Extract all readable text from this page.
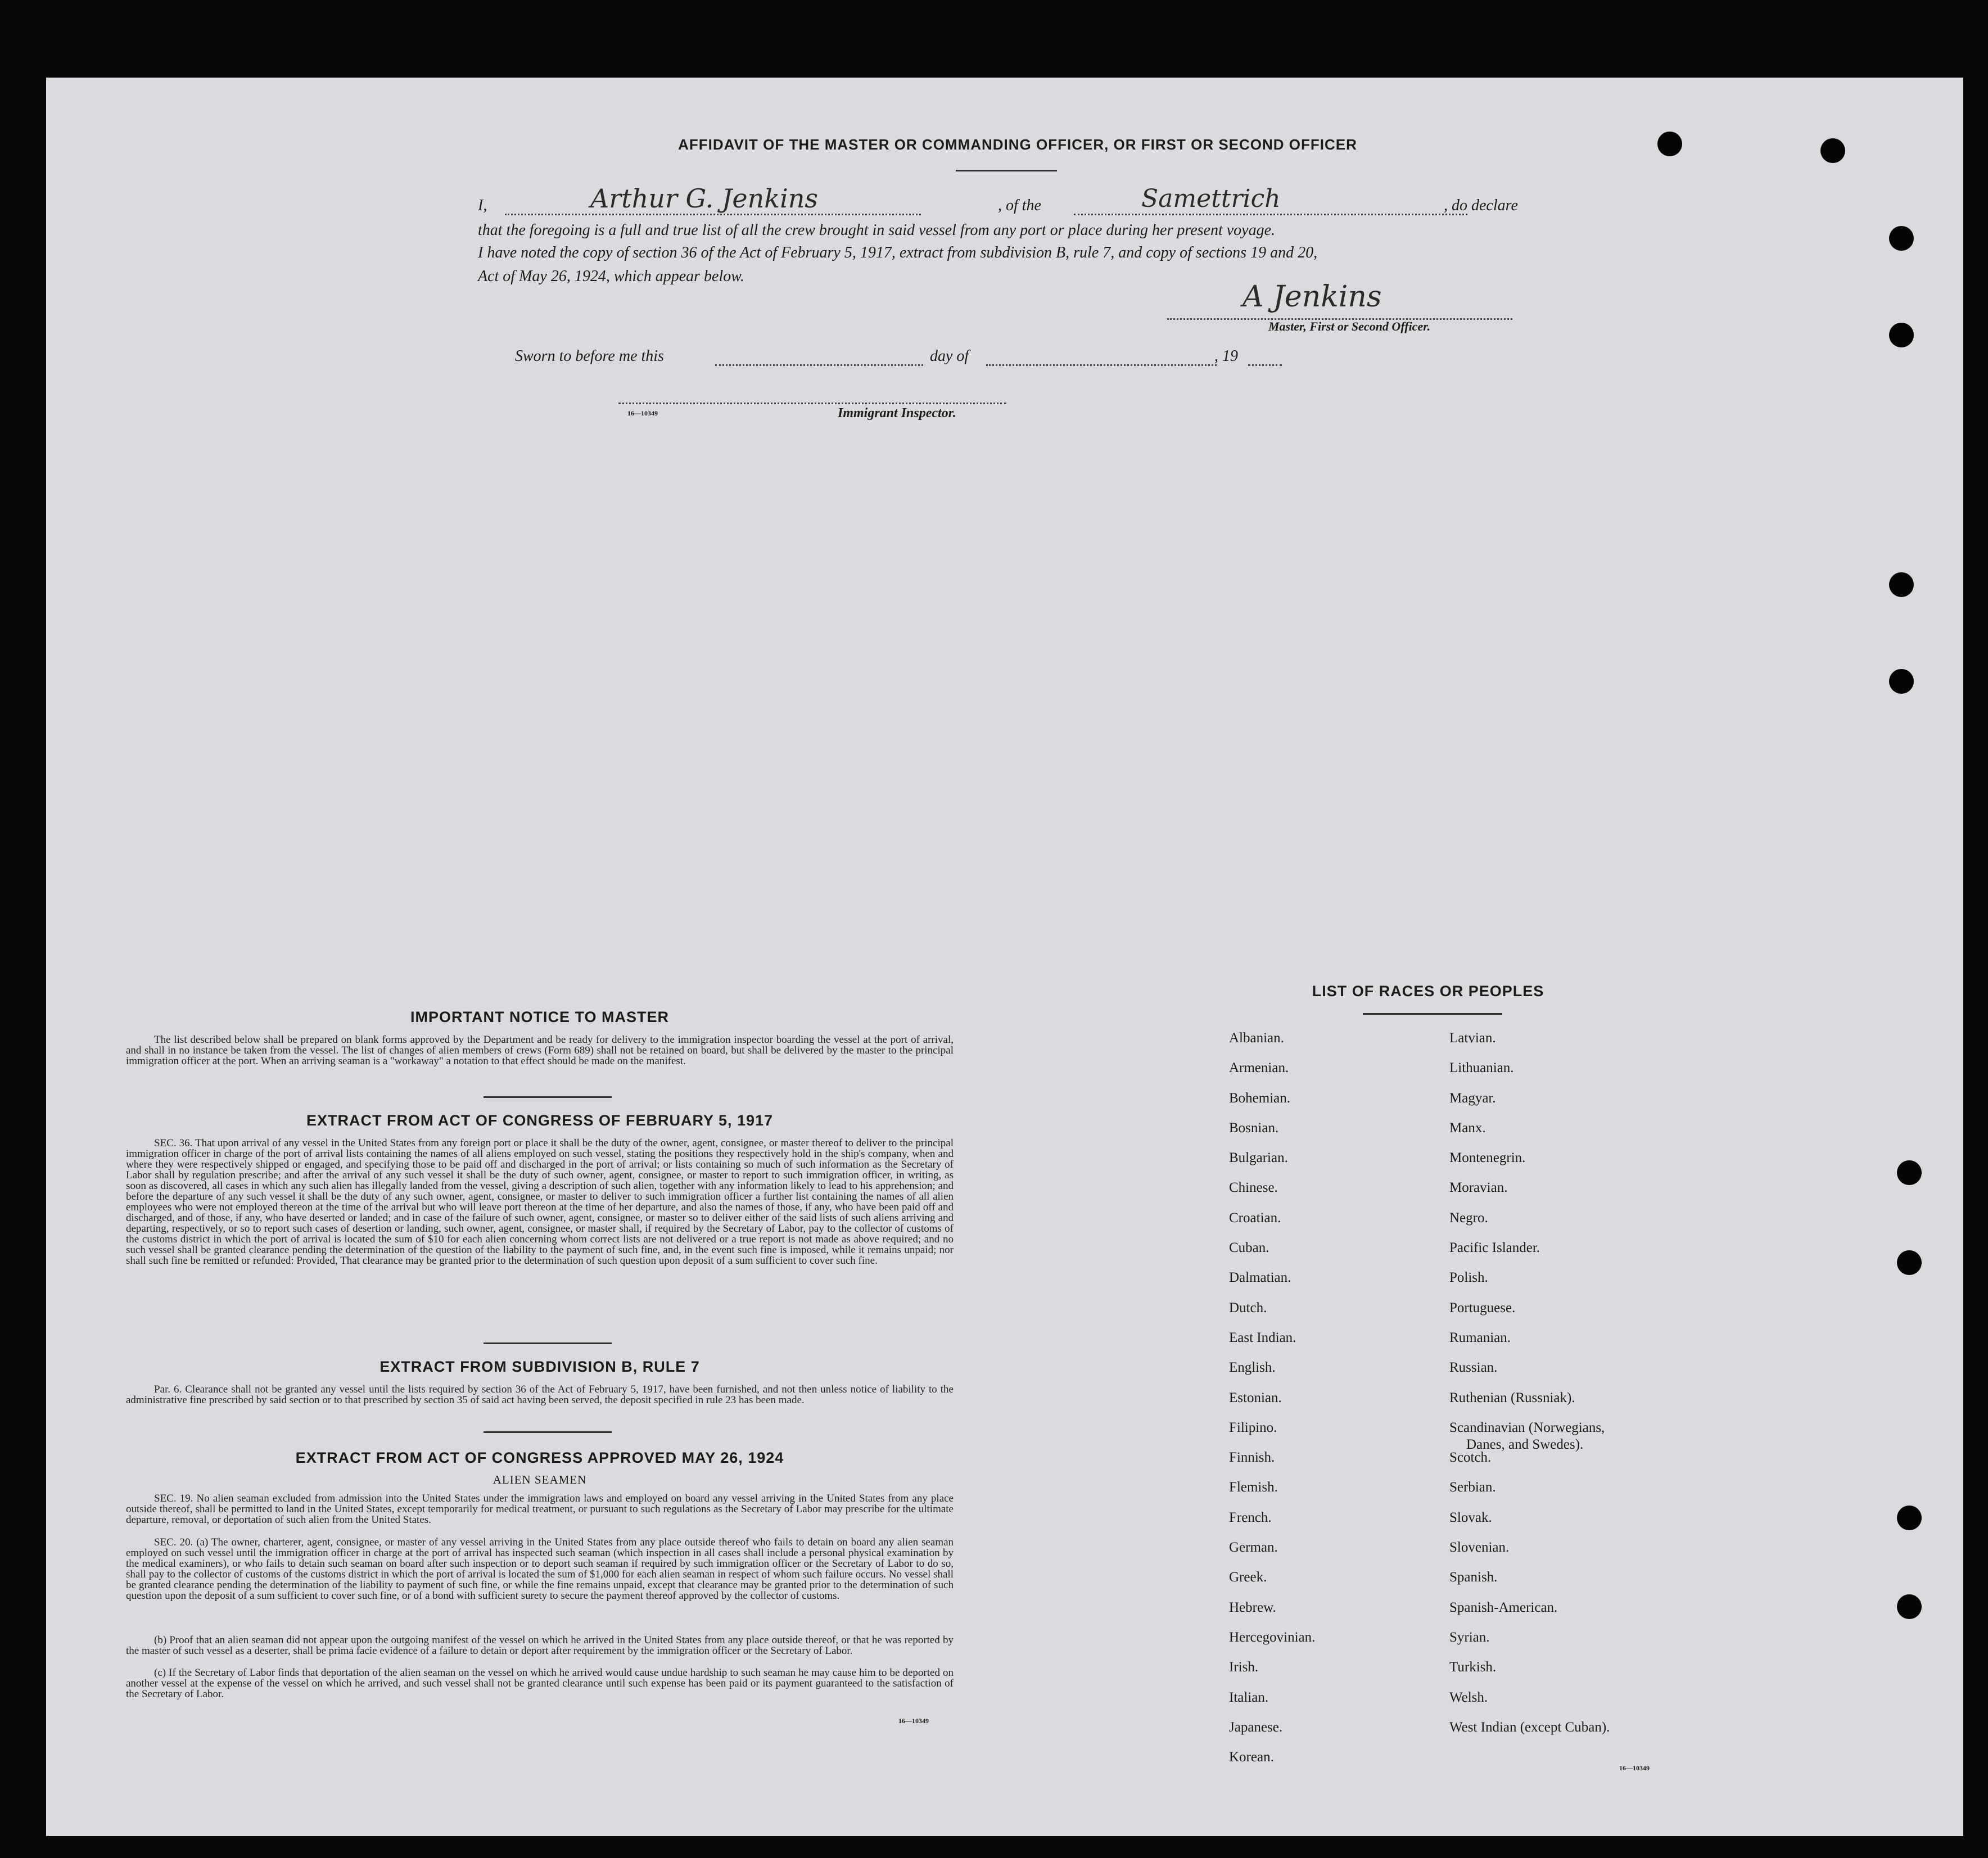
AFFIDAVIT OF THE MASTER OR COMMANDING OFFICER, OR FIRST OR SECOND OFFICER
I,	Arthur G. Jenkins	, of the	Samettrich	, do declare
that the foregoing is a full and true list of all the crew brought in said vessel from any port or place during her present voyage.
I have noted the copy of section 36 of the Act of February 5, 1917, extract from subdivision B, rule 7, and copy of sections 19 and 20,
Act of May 26, 1924, which appear below.
A Jenkins
Master, First or Second Officer.
Sworn to before me this	day of	, 19
16—10349	Immigrant Inspector.
IMPORTANT NOTICE TO MASTER
The list described below shall be prepared on blank forms approved by the Department and be ready for delivery to the immigration inspector boarding the vessel at the port of arrival, and shall in no instance be taken from the vessel. The list of changes of alien members of crews (Form 689) shall not be retained on board, but shall be delivered by the master to the principal immigration officer at the port. When an arriving seaman is a "workaway" a notation to that effect should be made on the manifest.
EXTRACT FROM ACT OF CONGRESS OF FEBRUARY 5, 1917
SEC. 36. That upon arrival of any vessel in the United States from any foreign port or place it shall be the duty of the owner, agent, consignee, or master thereof to deliver to the principal immigration officer in charge of the port of arrival lists containing the names of all aliens employed on such vessel, stating the positions they respectively hold in the ship's company, when and where they were respectively shipped or engaged, and specifying those to be paid off and discharged in the port of arrival; or lists containing so much of such information as the Secretary of Labor shall by regulation prescribe; and after the arrival of any such vessel it shall be the duty of such owner, agent, consignee, or master to report to such immigration officer, in writing, as soon as discovered, all cases in which any such alien has illegally landed from the vessel, giving a description of such alien, together with any information likely to lead to his apprehension; and before the departure of any such vessel it shall be the duty of any such owner, agent, consignee, or master to deliver to such immigration officer a further list containing the names of all alien employees who were not employed thereon at the time of the arrival but who will leave port thereon at the time of her departure, and also the names of those, if any, who have been paid off and discharged, and of those, if any, who have deserted or landed; and in case of the failure of such owner, agent, consignee, or master so to deliver either of the said lists of such aliens arriving and departing, respectively, or so to report such cases of desertion or landing, such owner, agent, consignee, or master shall, if required by the Secretary of Labor, pay to the collector of customs of the customs district in which the port of arrival is located the sum of $10 for each alien concerning whom correct lists are not delivered or a true report is not made as above required; and no such vessel shall be granted clearance pending the determination of the question of the liability to the payment of such fine, and, in the event such fine is imposed, while it remains unpaid; nor shall such fine be remitted or refunded: Provided, That clearance may be granted prior to the determination of such question upon deposit of a sum sufficient to cover such fine.
EXTRACT FROM SUBDIVISION B, RULE 7
Par. 6. Clearance shall not be granted any vessel until the lists required by section 36 of the Act of February 5, 1917, have been furnished, and not then unless notice of liability to the administrative fine prescribed by said section or to that prescribed by section 35 of said act having been served, the deposit specified in rule 23 has been made.
EXTRACT FROM ACT OF CONGRESS APPROVED MAY 26, 1924
ALIEN SEAMEN
SEC. 19. No alien seaman excluded from admission into the United States under the immigration laws and employed on board any vessel arriving in the United States from any place outside thereof, shall be permitted to land in the United States, except temporarily for medical treatment, or pursuant to such regulations as the Secretary of Labor may prescribe for the ultimate departure, removal, or deportation of such alien from the United States.
SEC. 20. (a) The owner, charterer, agent, consignee, or master of any vessel arriving in the United States from any place outside thereof who fails to detain on board any alien seaman employed on such vessel until the immigration officer in charge at the port of arrival has inspected such seaman (which inspection in all cases shall include a personal physical examination by the medical examiners), or who fails to detain such seaman on board after such inspection or to deport such seaman if required by such immigration officer or the Secretary of Labor to do so, shall pay to the collector of customs of the customs district in which the port of arrival is located the sum of $1,000 for each alien seaman in respect of whom such failure occurs. No vessel shall be granted clearance pending the determination of the liability to payment of such fine, or while the fine remains unpaid, except that clearance may be granted prior to the determination of such question upon the deposit of a sum sufficient to cover such fine, or of a bond with sufficient surety to secure the payment thereof approved by the collector of customs.
(b) Proof that an alien seaman did not appear upon the outgoing manifest of the vessel on which he arrived in the United States from any place outside thereof, or that he was reported by the master of such vessel as a deserter, shall be prima facie evidence of a failure to detain or deport after requirement by the immigration officer or the Secretary of Labor.
(c) If the Secretary of Labor finds that deportation of the alien seaman on the vessel on which he arrived would cause undue hardship to such seaman he may cause him to be deported on another vessel at the expense of the vessel on which he arrived, and such vessel shall not be granted clearance until such expense has been paid or its payment guaranteed to the satisfaction of the Secretary of Labor.
16—10349
LIST OF RACES OR PEOPLES
Albanian.
Armenian.
Bohemian.
Bosnian.
Bulgarian.
Chinese.
Croatian.
Cuban.
Dalmatian.
Dutch.
East Indian.
English.
Estonian.
Filipino.
Finnish.
Flemish.
French.
German.
Greek.
Hebrew.
Hercegovinian.
Irish.
Italian.
Japanese.
Korean.
Latvian.
Lithuanian.
Magyar.
Manx.
Montenegrin.
Moravian.
Negro.
Pacific Islander.
Polish.
Portuguese.
Rumanian.
Russian.
Ruthenian (Russniak).
Scandinavian (Norwegians,
Danes, and Swedes).
Scotch.
Serbian.
Slovak.
Slovenian.
Spanish.
Spanish-American.
Syrian.
Turkish.
Welsh.
West Indian (except Cuban).
16—10349
